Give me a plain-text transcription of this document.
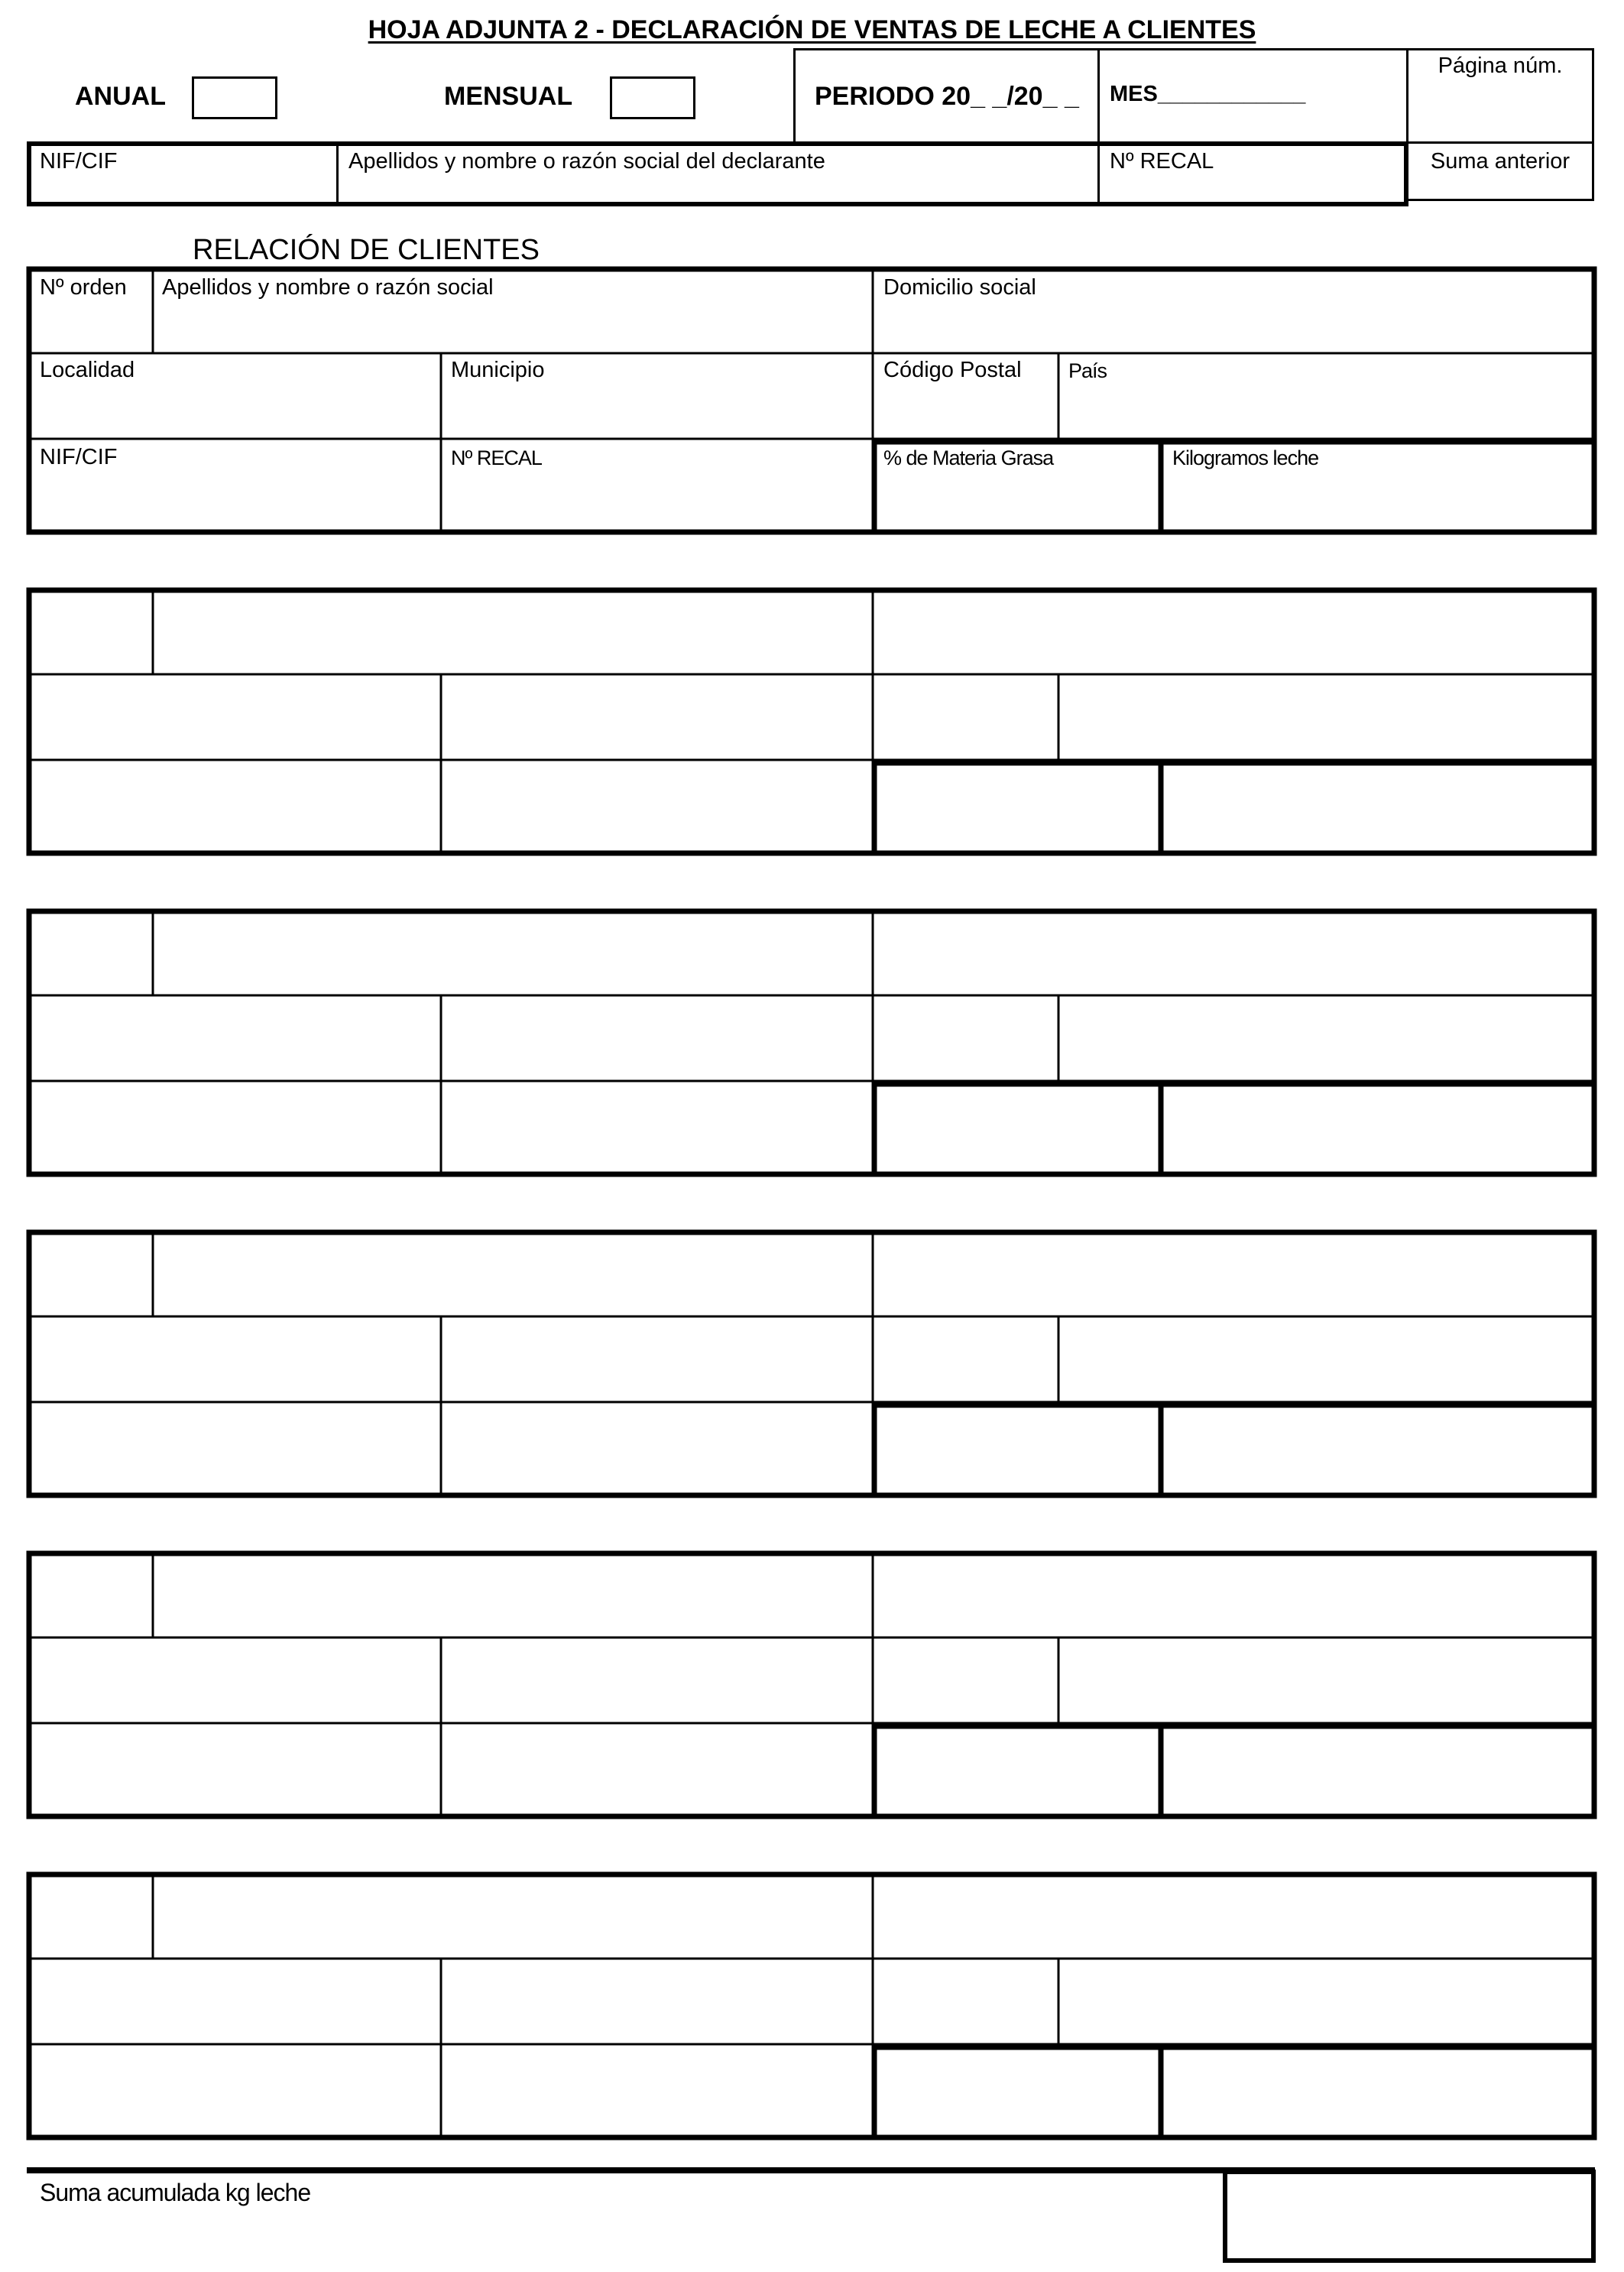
HOJA ADJUNTA 2 - DECLARACIÓN DE VENTAS DE LECHE A CLIENTES
ANUAL	MENSUAL	PERIODO 20_ _/20_ _ MES____________
Página núm.
NIF/CIF	Apellidos y nombre o razón social del declarante	Nº RECAL	Suma anterior
RELACIÓN DE CLIENTES
Nº orden Apellidos y nombre o razón social	Domicilio social
Localidad	Municipio	Código Postal País
NIF/CIF	Nº RECAL	% de Materia Grasa	Kilogramos leche
Suma acumulada kg leche
